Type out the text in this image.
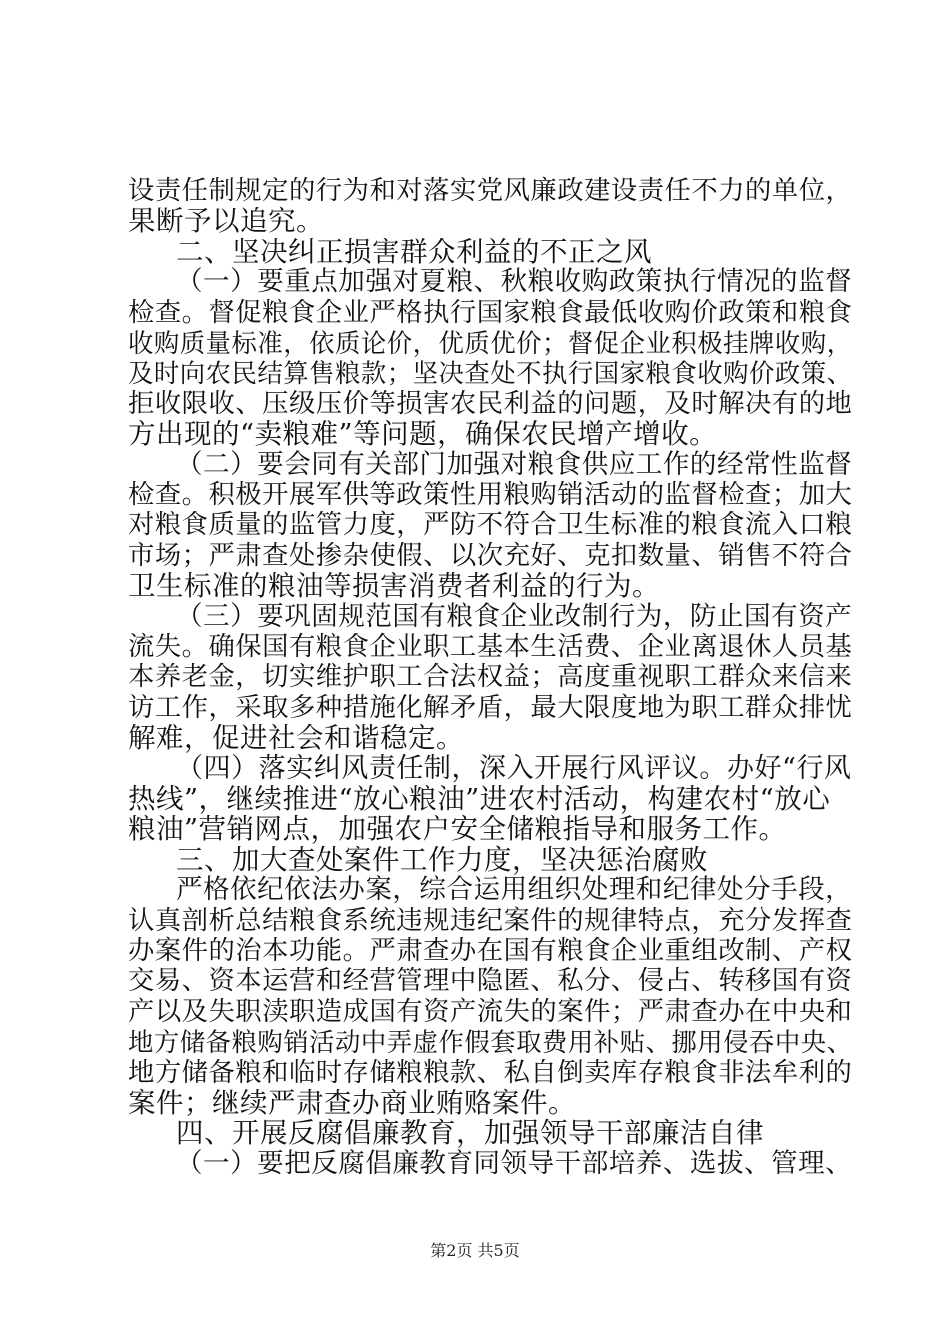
设责任制规定的行为和对落实党风廉政建设责任不力的单位，
果断予以追究。
二、坚决纠正损害群众利益的不正之风
（一）要重点加强对夏粮、秋粮收购政策执行情况的监督
检查。督促粮食企业严格执行国家粮食最低收购价政策和粮食
收购质量标准，依质论价，优质优价；督促企业积极挂牌收购，
及时向农民结算售粮款；坚决查处不执行国家粮食收购价政策、
拒收限收、压级压价等损害农民利益的问题，及时解决有的地
方出现的“卖粮难”等问题，确保农民增产增收。
（二）要会同有关部门加强对粮食供应工作的经常性监督
检查。积极开展军供等政策性用粮购销活动的监督检查；加大
对粮食质量的监管力度，严防不符合卫生标准的粮食流入口粮
市场；严肃查处掺杂使假、以次充好、克扣数量、销售不符合
卫生标准的粮油等损害消费者利益的行为。
（三）要巩固规范国有粮食企业改制行为，防止国有资产
流失。确保国有粮食企业职工基本生活费、企业离退休人员基
本养老金，切实维护职工合法权益；高度重视职工群众来信来
访工作，采取多种措施化解矛盾，最大限度地为职工群众排忧
解难，促进社会和谐稳定。
（四）落实纠风责任制，深入开展行风评议。办好“行风
热线”，继续推进“放心粮油”进农村活动，构建农村“放心
粮油”营销网点，加强农户安全储粮指导和服务工作。
三、加大查处案件工作力度，坚决惩治腐败
严格依纪依法办案，综合运用组织处理和纪律处分手段，
认真剖析总结粮食系统违规违纪案件的规律特点，充分发挥查
办案件的治本功能。严肃查办在国有粮食企业重组改制、产权
交易、资本运营和经营管理中隐匿、私分、侵占、转移国有资
产以及失职渎职造成国有资产流失的案件；严肃查办在中央和
地方储备粮购销活动中弄虚作假套取费用补贴、挪用侵吞中央、
地方储备粮和临时存储粮粮款、私自倒卖库存粮食非法牟利的
案件；继续严肃查办商业贿赂案件。
四、开展反腐倡廉教育，加强领导干部廉洁自律
（一）要把反腐倡廉教育同领导干部培养、选拔、管理、
第2页 共5页
